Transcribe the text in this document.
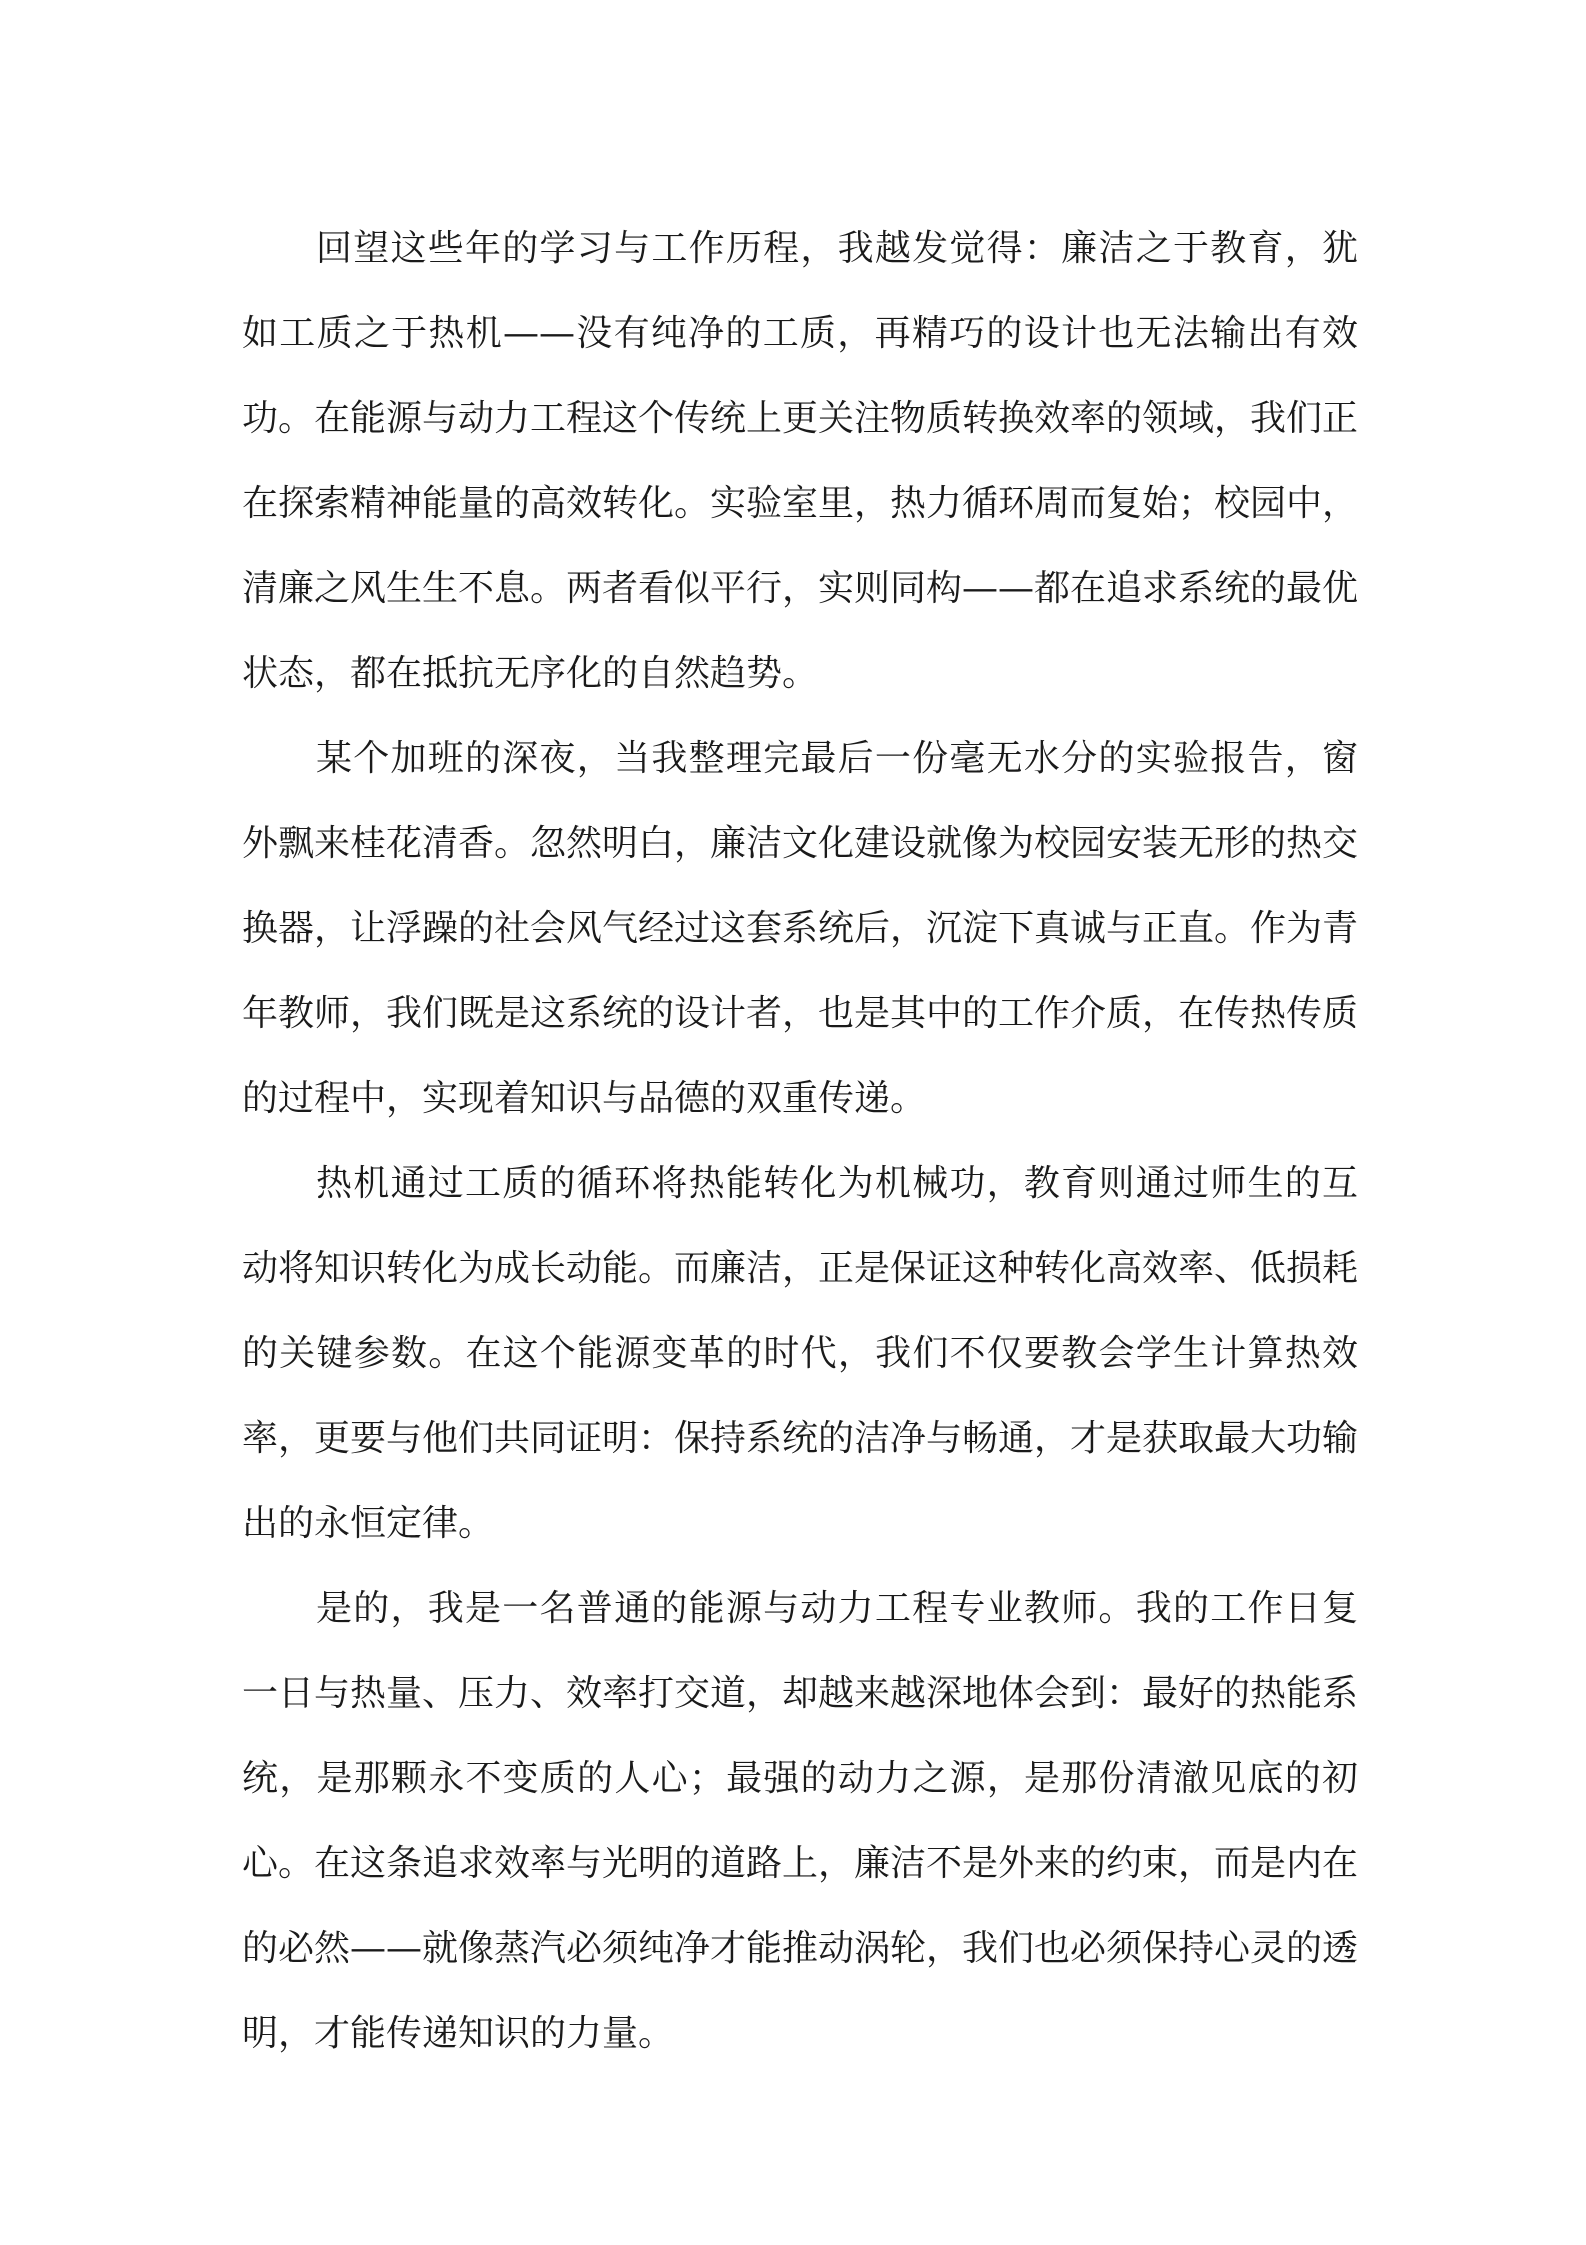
回望这些年的学习与工作历程，我越发觉得：廉洁之于教育，犹如工质之于热机——没有纯净的工质，再精巧的设计也无法输出有效功。在能源与动力工程这个传统上更关注物质转换效率的领域，我们正在探索精神能量的高效转化。实验室里，热力循环周而复始；校园中，清廉之风生生不息。两者看似平行，实则同构——都在追求系统的最优状态，都在抵抗无序化的自然趋势。

某个加班的深夜，当我整理完最后一份毫无水分的实验报告，窗外飘来桂花清香。忽然明白，廉洁文化建设就像为校园安装无形的热交换器，让浮躁的社会风气经过这套系统后，沉淀下真诚与正直。作为青年教师，我们既是这系统的设计者，也是其中的工作介质，在传热传质的过程中，实现着知识与品德的双重传递。

热机通过工质的循环将热能转化为机械功，教育则通过师生的互动将知识转化为成长动能。而廉洁，正是保证这种转化高效率、低损耗的关键参数。在这个能源变革的时代，我们不仅要教会学生计算热效率，更要与他们共同证明：保持系统的洁净与畅通，才是获取最大功输出的永恒定律。

是的，我是一名普通的能源与动力工程专业教师。我的工作日复一日与热量、压力、效率打交道，却越来越深地体会到：最好的热能系统，是那颗永不变质的人心；最强的动力之源，是那份清澈见底的初心。在这条追求效率与光明的道路上，廉洁不是外来的约束，而是内在的必然——就像蒸汽必须纯净才能推动涡轮，我们也必须保持心灵的透明，才能传递知识的力量。
